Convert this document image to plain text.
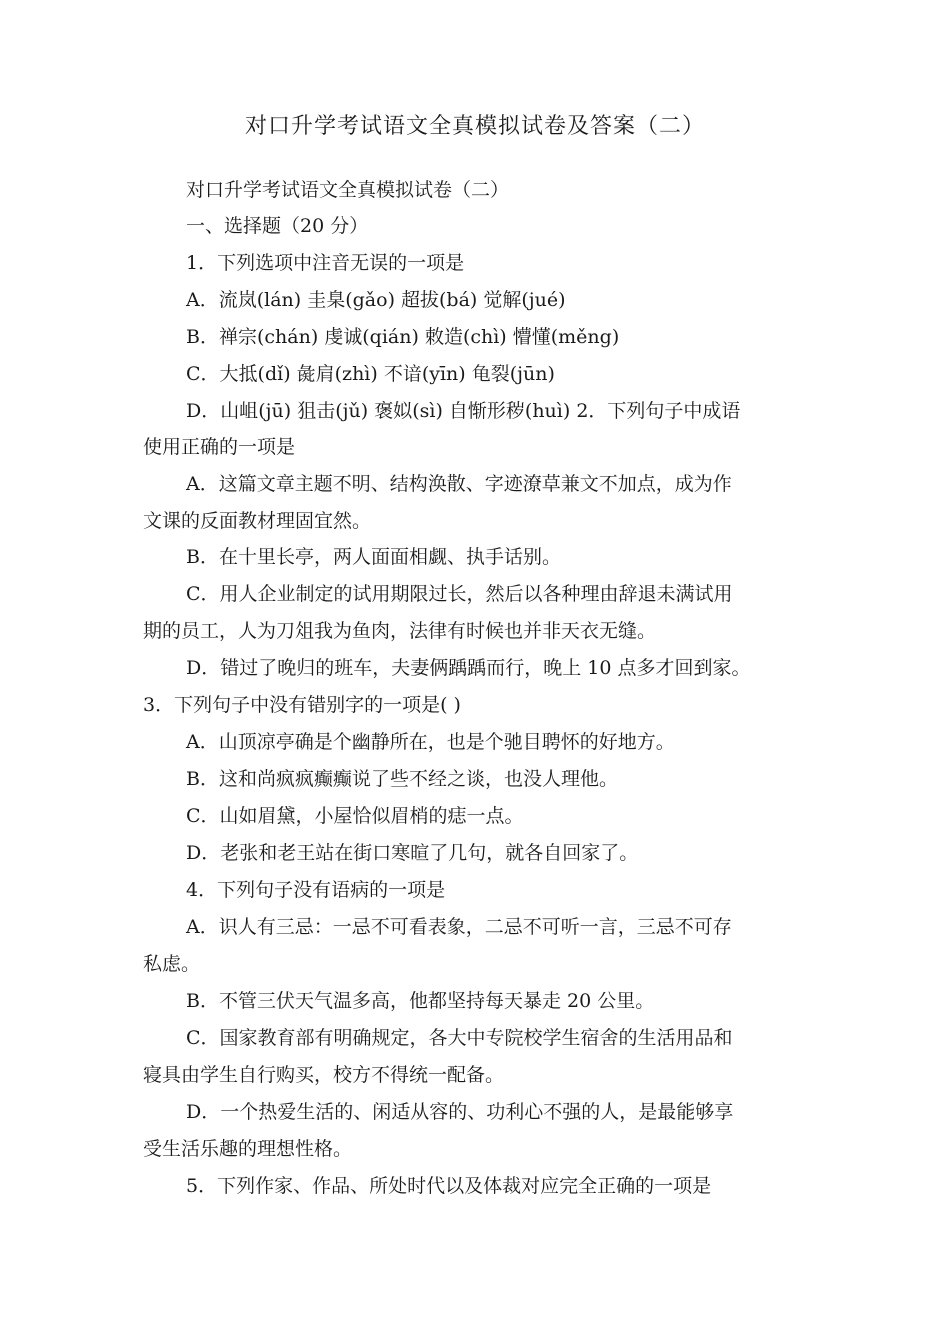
对口升学考试语文全真模拟试卷及答案（二）
对口升学考试语文全真模拟试卷（二）
一、选择题（20 分）
1．下列选项中注音无误的一项是
A．流岚(lán) 圭臬(gǎo) 超拔(bá) 觉解(jué)
B．禅宗(chán) 虔诚(qián) 敕造(chì) 懵懂(měng)
C．大抵(dǐ) 彘肩(zhì) 不谙(yīn) 龟裂(jūn)
D．山岨(jū) 狙击(jǔ) 褒姒(sì) 自惭形秽(huì) 2．下列句子中成语
使用正确的一项是
A．这篇文章主题不明、结构涣散、字迹潦草兼文不加点，成为作
文课的反面教材理固宜然。
B．在十里长亭，两人面面相觑、执手话别。
C．用人企业制定的试用期限过长，然后以各种理由辞退未满试用
期的员工，人为刀俎我为鱼肉，法律有时候也并非天衣无缝。
D．错过了晚归的班车，夫妻俩踽踽而行，晚上 10 点多才回到家。
3．下列句子中没有错别字的一项是( )
A．山顶凉亭确是个幽静所在，也是个驰目聘怀的好地方。
B．这和尚疯疯癫癫说了些不经之谈，也没人理他。
C．山如眉黛，小屋恰似眉梢的痣一点。
D．老张和老王站在街口寒暄了几句，就各自回家了。
4．下列句子没有语病的一项是
A．识人有三忌：一忌不可看表象，二忌不可听一言，三忌不可存
私虑。
B．不管三伏天气温多高，他都坚持每天暴走 20 公里。
C．国家教育部有明确规定，各大中专院校学生宿舍的生活用品和
寝具由学生自行购买，校方不得统一配备。
D．一个热爱生活的、闲适从容的、功利心不强的人，是最能够享
受生活乐趣的理想性格。
5．下列作家、作品、所处时代以及体裁对应完全正确的一项是
